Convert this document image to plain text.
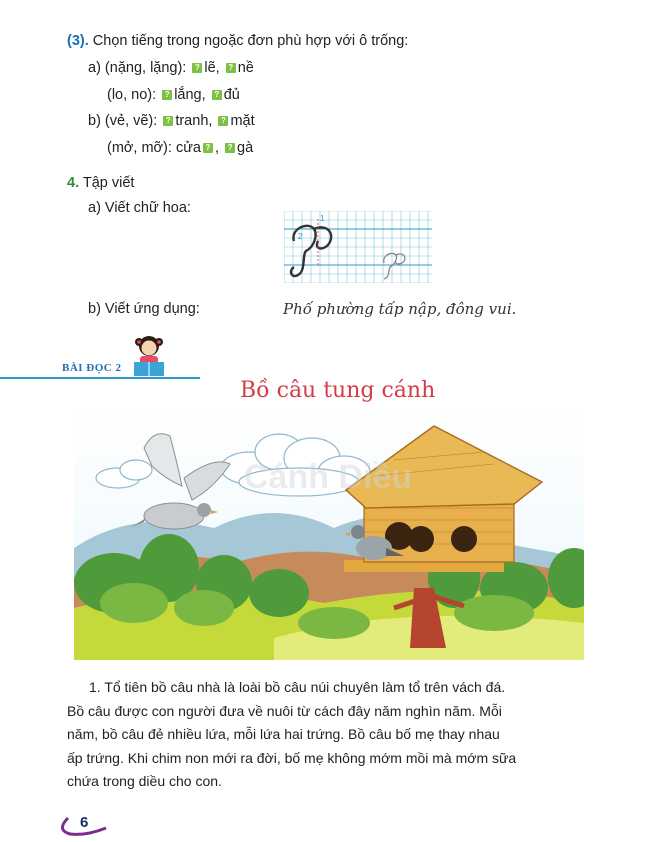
(3). Chọn tiếng trong ngoặc đơn phù hợp với ô trống:
a) (nặng, lặng): ? lẽ, ? nề
(lo, no): ? lắng, ? đủ
b) (vẻ, vẽ): ? tranh, ? mặt
(mở, mỡ): cửa ? , ? gà
4. Tập viết
a) Viết chữ hoa:
1
2
b) Viết ứng dụng:	Phố phường tấp nập, đông vui.
BÀI ĐỌC 2
Bồ câu tung cánh
Cánh Diều
1. Tổ tiên bồ câu nhà là loài bồ câu núi chuyên làm tổ trên vách đá.
Bồ câu được con người đưa về nuôi từ cách đây năm nghìn năm. Mỗi
năm, bồ câu đẻ nhiều lứa, mỗi lứa hai trứng. Bồ câu bố mẹ thay nhau
ấp trứng. Khi chim non mới ra đời, bố mẹ không mớm mồi mà mớm sữa
chứa trong diều cho con.
6
